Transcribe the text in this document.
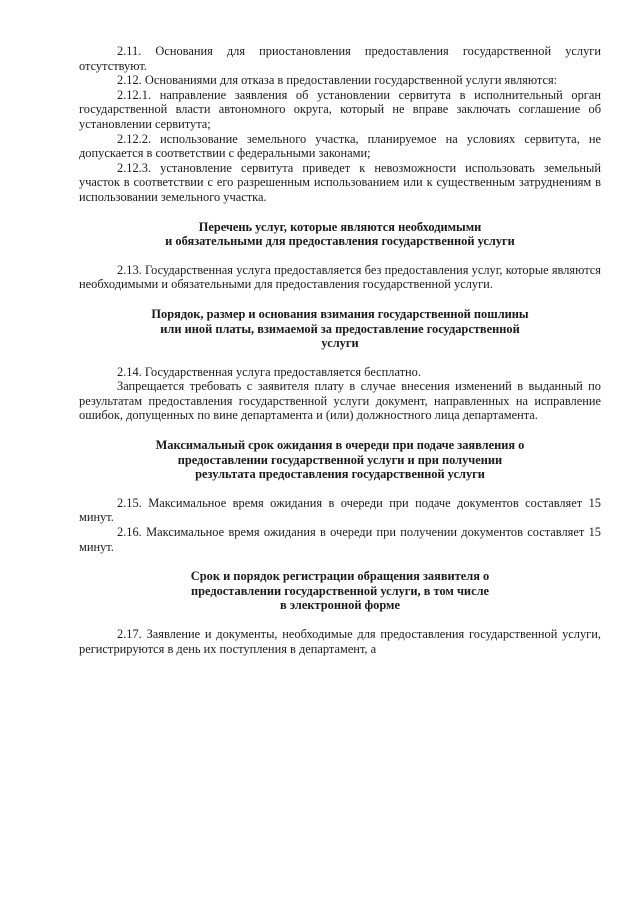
2.11. Основания для приостановления предоставления государственной услуги отсутствуют.

2.12. Основаниями для отказа в предоставлении государственной услуги являются:

2.12.1. направление заявления об установлении сервитута в исполнительный орган государственной власти автономного округа, который не вправе заключать соглашение об установлении сервитута;

2.12.2. использование земельного участка, планируемое на условиях сервитута, не допускается в соответствии с федеральными законами;

2.12.3. установление сервитута приведет к невозможности использовать земельный участок в соответствии с его разрешенным использованием или к существенным затруднениям в использовании земельного участка.

Перечень услуг, которые являются необходимыми
и обязательными для предоставления государственной услуги

2.13. Государственная услуга предоставляется без предоставления услуг, которые являются необходимыми и обязательными для предоставления государственной услуги.

Порядок, размер и основания взимания государственной пошлины
или иной платы, взимаемой за предоставление государственной
услуги

2.14. Государственная услуга предоставляется бесплатно.

Запрещается требовать с заявителя плату в случае внесения изменений в выданный по результатам предоставления государственной услуги документ, направленных на исправление ошибок, допущенных по вине департамента и (или) должностного лица департамента.

Максимальный срок ожидания в очереди при подаче заявления о
предоставлении государственной услуги и при получении
результата предоставления государственной услуги

2.15. Максимальное время ожидания в очереди при подаче документов составляет 15 минут.

2.16. Максимальное время ожидания в очереди при получении документов составляет 15 минут.

Срок и порядок регистрации обращения заявителя о
предоставлении государственной услуги, в том числе
в электронной форме

2.17. Заявление и документы, необходимые для предоставления государственной услуги, регистрируются в день их поступления в департамент, а
